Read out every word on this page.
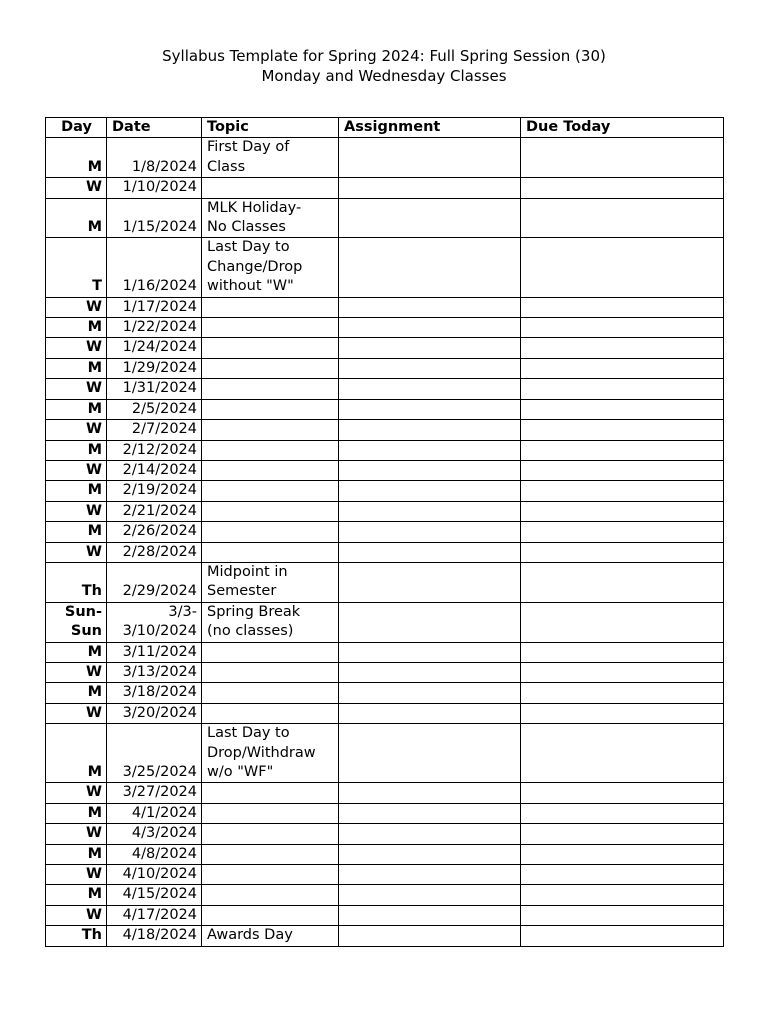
Syllabus Template for Spring 2024: Full Spring Session (30)
Monday and Wednesday Classes
Day	Date	Topic	Assignment	Due Today

M	1/8/2024	First Day of
Class		

W	1/10/2024			

M	1/15/2024	MLK Holiday-
No Classes		

T	1/16/2024	Last Day to
Change/Drop
without "W"		

W	1/17/2024			

M	1/22/2024			

W	1/24/2024			

M	1/29/2024			

W	1/31/2024			

M	2/5/2024			

W	2/7/2024			

M	2/12/2024			

W	2/14/2024			

M	2/19/2024			

W	2/21/2024			

M	2/26/2024			

W	2/28/2024			

Th	2/29/2024	Midpoint in
Semester		

Sun-
Sun	3/3-
3/10/2024	Spring Break
(no classes)		

M	3/11/2024			

W	3/13/2024			

M	3/18/2024			

W	3/20/2024			

M	3/25/2024	Last Day to
Drop/Withdraw
w/o "WF"		

W	3/27/2024			

M	4/1/2024			

W	4/3/2024			

M	4/8/2024			

W	4/10/2024			

M	4/15/2024			

W	4/17/2024			

Th	4/18/2024	Awards Day		
